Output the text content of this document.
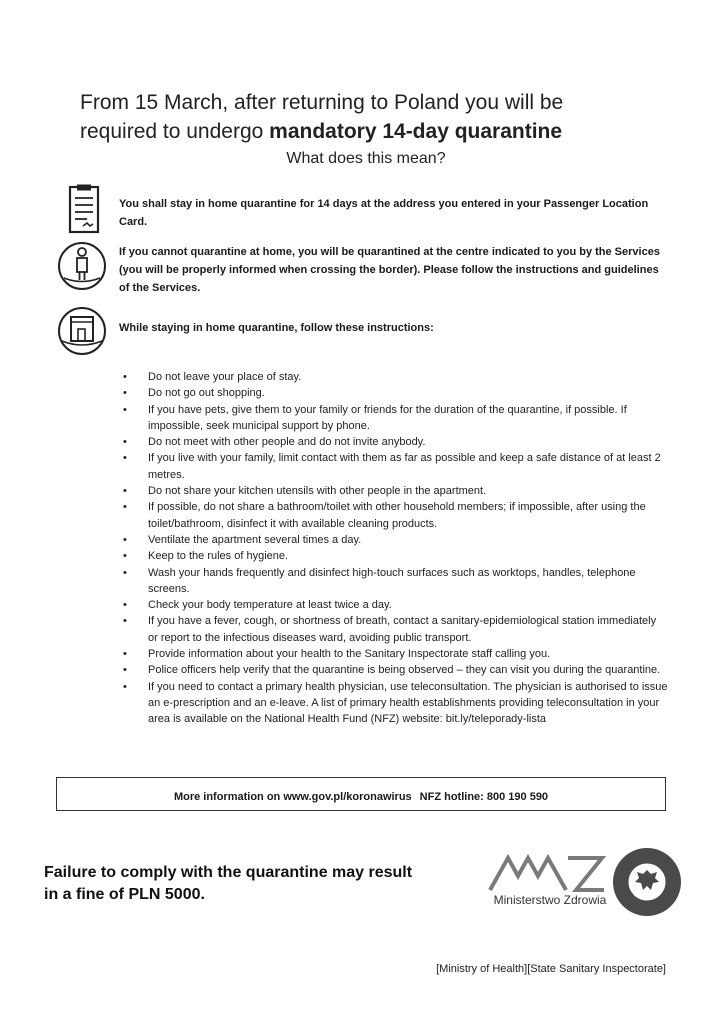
From 15 March, after returning to Poland you will be
required to undergo mandatory 14-day quarantine
What does this mean?
You shall stay in home quarantine for 14 days at the address you entered in your Passenger Location Card.
If you cannot quarantine at home, you will be quarantined at the centre indicated to you by the Services (you will be properly informed when crossing the border). Please follow the instructions and guidelines of the Services.
While staying in home quarantine, follow these instructions:
• Do not leave your place of stay.
• Do not go out shopping.
• If you have pets, give them to your family or friends for the duration of the quarantine, if possible. If impossible, seek municipal support by phone.
• Do not meet with other people and do not invite anybody.
• If you live with your family, limit contact with them as far as possible and keep a safe distance of at least 2 metres.
• Do not share your kitchen utensils with other people in the apartment.
• If possible, do not share a bathroom/toilet with other household members; if impossible, after using the toilet/bathroom, disinfect it with available cleaning products.
• Ventilate the apartment several times a day.
• Keep to the rules of hygiene.
• Wash your hands frequently and disinfect high-touch surfaces such as worktops, handles, telephone screens.
• Check your body temperature at least twice a day.
• If you have a fever, cough, or shortness of breath, contact a sanitary-epidemiological station immediately or report to the infectious diseases ward, avoiding public transport.
• Provide information about your health to the Sanitary Inspectorate staff calling you.
• Police officers help verify that the quarantine is being observed – they can visit you during the quarantine.
• If you need to contact a primary health physician, use teleconsultation. The physician is authorised to issue an e-prescription and an e-leave. A list of primary health establishments providing teleconsultation in your area is available on the National Health Fund (NFZ) website: bit.ly/teleporady-lista
More information on www.gov.pl/koronawirus NFZ hotline: 800 190 590
Failure to comply with the quarantine may result in a fine of PLN 5000.	Ministerstwo Zdrowia
[Ministry of Health][State Sanitary Inspectorate]
